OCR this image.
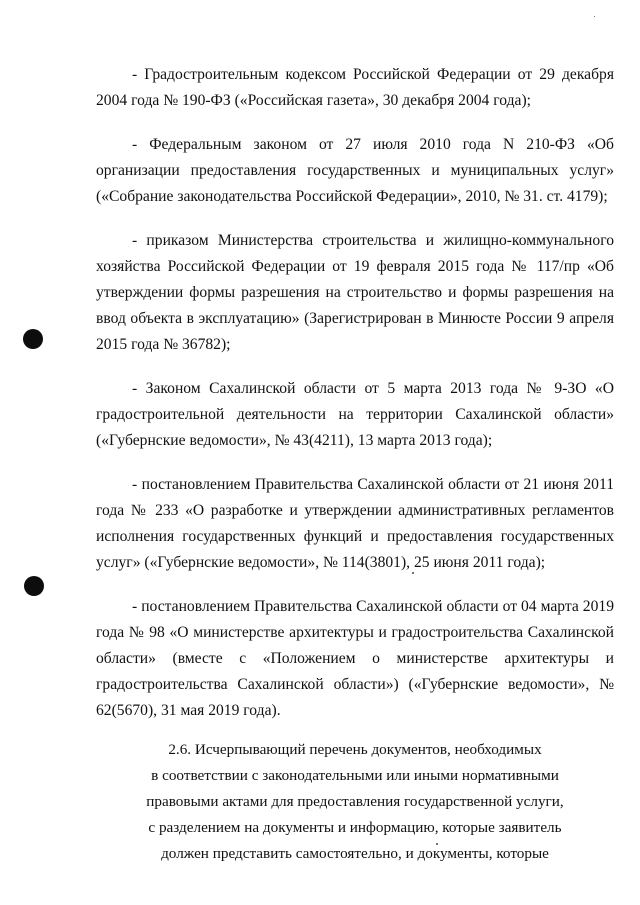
- Градостроительным кодексом Российской Федерации от 29 декабря 2004 года № 190-ФЗ («Российская газета», 30 декабря 2004 года);

- Федеральным законом от 27 июля 2010 года N 210-ФЗ «Об организации предоставления государственных и муниципальных услуг» («Собрание законодательства Российской Федерации», 2010, № 31. ст. 4179);

- приказом Министерства строительства и жилищно-коммунального хозяйства Российской Федерации от 19 февраля 2015 года № 117/пр «Об утверждении формы разрешения на строительство и формы разрешения на ввод объекта в эксплуатацию» (Зарегистрирован в Минюсте России 9 апреля 2015 года № 36782);

- Законом Сахалинской области от 5 марта 2013 года № 9-ЗО «О градостроительной деятельности на территории Сахалинской области» («Губернские ведомости», № 43(4211), 13 марта 2013 года);

- постановлением Правительства Сахалинской области от 21 июня 2011 года № 233 «О разработке и утверждении административных регламентов исполнения государственных функций и предоставления государственных услуг» («Губернские ведомости», № 114(3801), 25 июня 2011 года);

- постановлением Правительства Сахалинской области от 04 марта 2019 года № 98 «О министерстве архитектуры и градостроительства Сахалинской области» (вместе с «Положением о министерстве архитектуры и градостроительства Сахалинской области») («Губернские ведомости», № 62(5670), 31 мая 2019 года).

2.6. Исчерпывающий перечень документов, необходимых
в соответствии с законодательными или иными нормативными
правовыми актами для предоставления государственной услуги,
с разделением на документы и информацию, которые заявитель
должен представить самостоятельно, и документы, которые
